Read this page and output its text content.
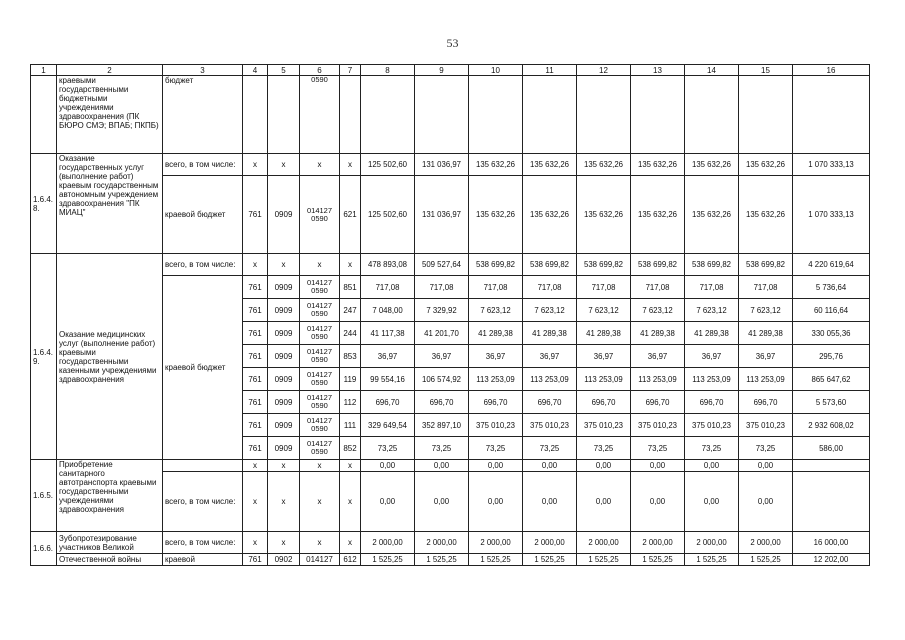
53
1	2	3	4	5	6	7	8	9	10	11	12	13	14	15	16
	краевыми государственными бюджетными учреждениями здравоохранения (ПК БЮРО СМЭ; ВПАБ; ПКПБ)	бюджет			0590										
1.6.4. 8.	Оказание государственных услуг (выполнение работ) краевым государственным автономным учреждением здравоохранения "ПК МИАЦ"	всего, в том числе:	x	x	x	x	125 502,60	131 036,97	135 632,26	135 632,26	135 632,26	135 632,26	135 632,26	135 632,26	1 070 333,13
		краевой бюджет	761	0909	014127 0590	621	125 502,60	131 036,97	135 632,26	135 632,26	135 632,26	135 632,26	135 632,26	135 632,26	1 070 333,13
1.6.4. 9.	Оказание медицинских услуг (выполнение работ) краевыми государственными казенными учреждениями здравоохранения	всего, в том числе:	x	x	x	x	478 893,08	509 527,64	538 699,82	538 699,82	538 699,82	538 699,82	538 699,82	538 699,82	4 220 619,64
		краевой бюджет	761	0909	014127 0590	851	717,08	717,08	717,08	717,08	717,08	717,08	717,08	717,08	5 736,64
			761	0909	014127 0590	247	7 048,00	7 329,92	7 623,12	7 623,12	7 623,12	7 623,12	7 623,12	7 623,12	60 116,64
			761	0909	014127 0590	244	41 117,38	41 201,70	41 289,38	41 289,38	41 289,38	41 289,38	41 289,38	41 289,38	330 055,36
			761	0909	014127 0590	853	36,97	36,97	36,97	36,97	36,97	36,97	36,97	36,97	295,76
			761	0909	014127 0590	119	99 554,16	106 574,92	113 253,09	113 253,09	113 253,09	113 253,09	113 253,09	113 253,09	865 647,62
			761	0909	014127 0590	112	696,70	696,70	696,70	696,70	696,70	696,70	696,70	696,70	5 573,60
			761	0909	014127 0590	111	329 649,54	352 897,10	375 010,23	375 010,23	375 010,23	375 010,23	375 010,23	375 010,23	2 932 608,02
			761	0909	014127 0590	852	73,25	73,25	73,25	73,25	73,25	73,25	73,25	73,25	586,00
1.6.5.	Приобретение санитарного автотранспорта краевыми государственными учреждениями здравоохранения		x	x	x	x	0,00	0,00	0,00	0,00	0,00	0,00	0,00	0,00	
		всего, в том числе:	x	x	x	x	0,00	0,00	0,00	0,00	0,00	0,00	0,00	0,00	
1.6.6.	Зубопротезирование участников Великой	всего, в том числе:	x	x	x	x	2 000,00	2 000,00	2 000,00	2 000,00	2 000,00	2 000,00	2 000,00	2 000,00	16 000,00
	Отечественной войны	краевой	761	0902	014127	612	1 525,25	1 525,25	1 525,25	1 525,25	1 525,25	1 525,25	1 525,25	1 525,25	12 202,00
